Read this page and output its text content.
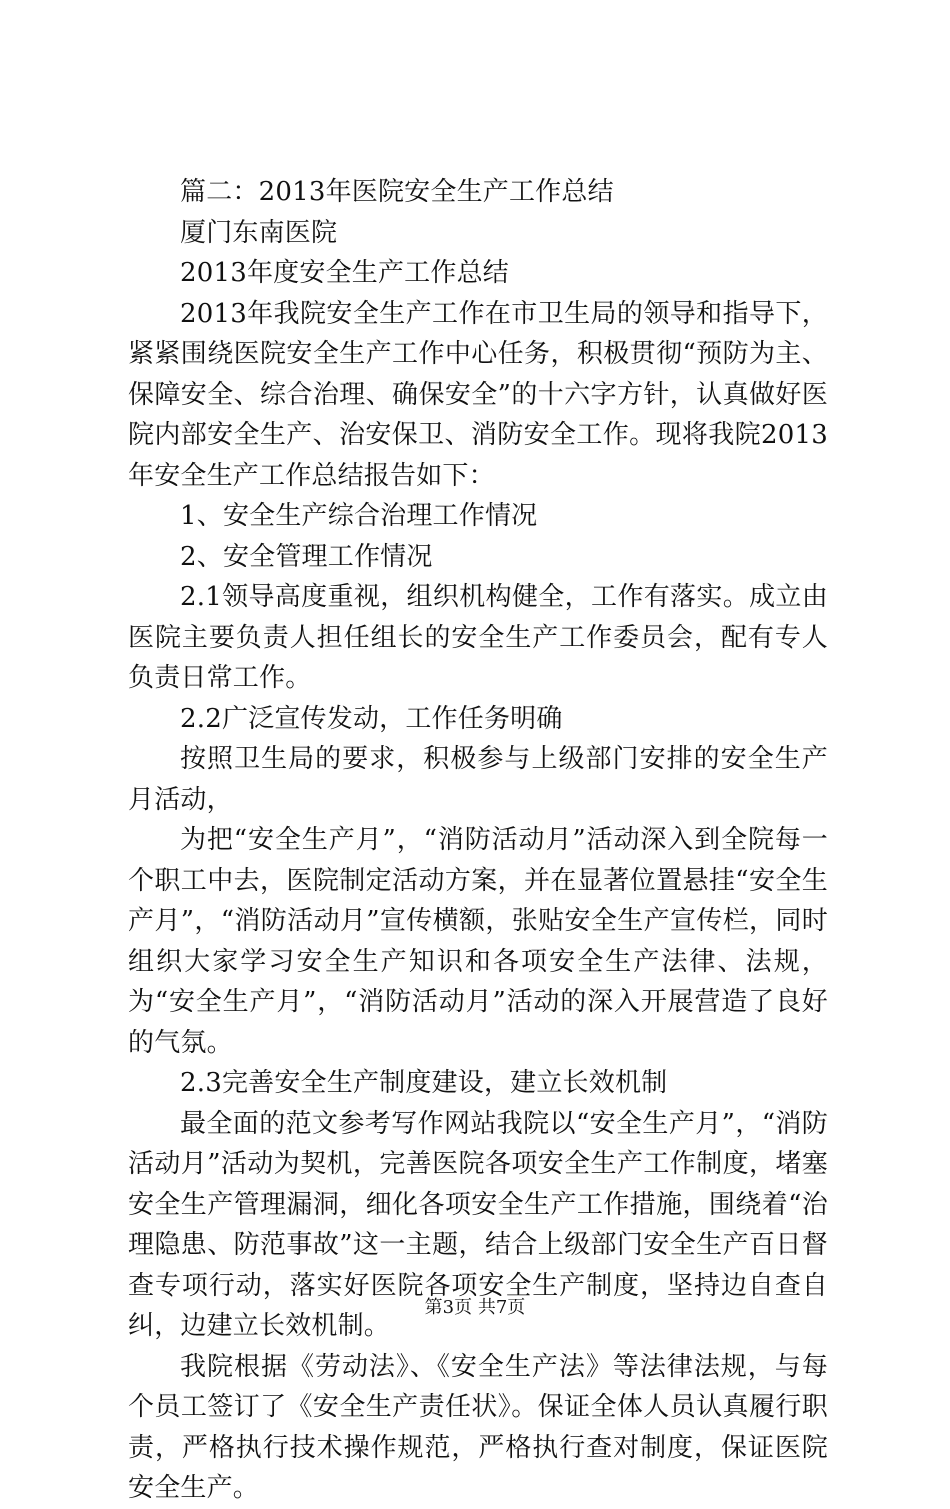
篇二：2013年医院安全生产工作总结

厦门东南医院

2013年度安全生产工作总结

2013年我院安全生产工作在市卫生局的领导和指导下，紧紧围绕医院安全生产工作中心任务，积极贯彻“预防为主、保障安全、综合治理、确保安全”的十六字方针，认真做好医院内部安全生产、治安保卫、消防安全工作。现将我院2013年安全生产工作总结报告如下：

1、安全生产综合治理工作情况

2、安全管理工作情况

2.1领导高度重视，组织机构健全，工作有落实。成立由医院主要负责人担任组长的安全生产工作委员会，配有专人负责日常工作。

2.2广泛宣传发动，工作任务明确

按照卫生局的要求，积极参与上级部门安排的安全生产月活动，

为把“安全生产月”，“消防活动月”活动深入到全院每一个职工中去，医院制定活动方案，并在显著位置悬挂“安全生产月”，“消防活动月”宣传横额，张贴安全生产宣传栏，同时组织大家学习安全生产知识和各项安全生产法律、法规，为“安全生产月”，“消防活动月”活动的深入开展营造了良好的气氛。

2.3完善安全生产制度建设，建立长效机制

最全面的范文参考写作网站我院以“安全生产月”，“消防活动月”活动为契机，完善医院各项安全生产工作制度，堵塞安全生产管理漏洞，细化各项安全生产工作措施，围绕着“治理隐患、防范事故”这一主题，结合上级部门安全生产百日督查专项行动，落实好医院各项安全生产制度，坚持边自查自纠，边建立长效机制。

我院根据《劳动法》、《安全生产法》等法律法规，与每个员工签订了《安全生产责任状》。保证全体人员认真履行职责，严格执行技术操作规范，严格执行查对制度，保证医院安全生产。

第3页 共7页
